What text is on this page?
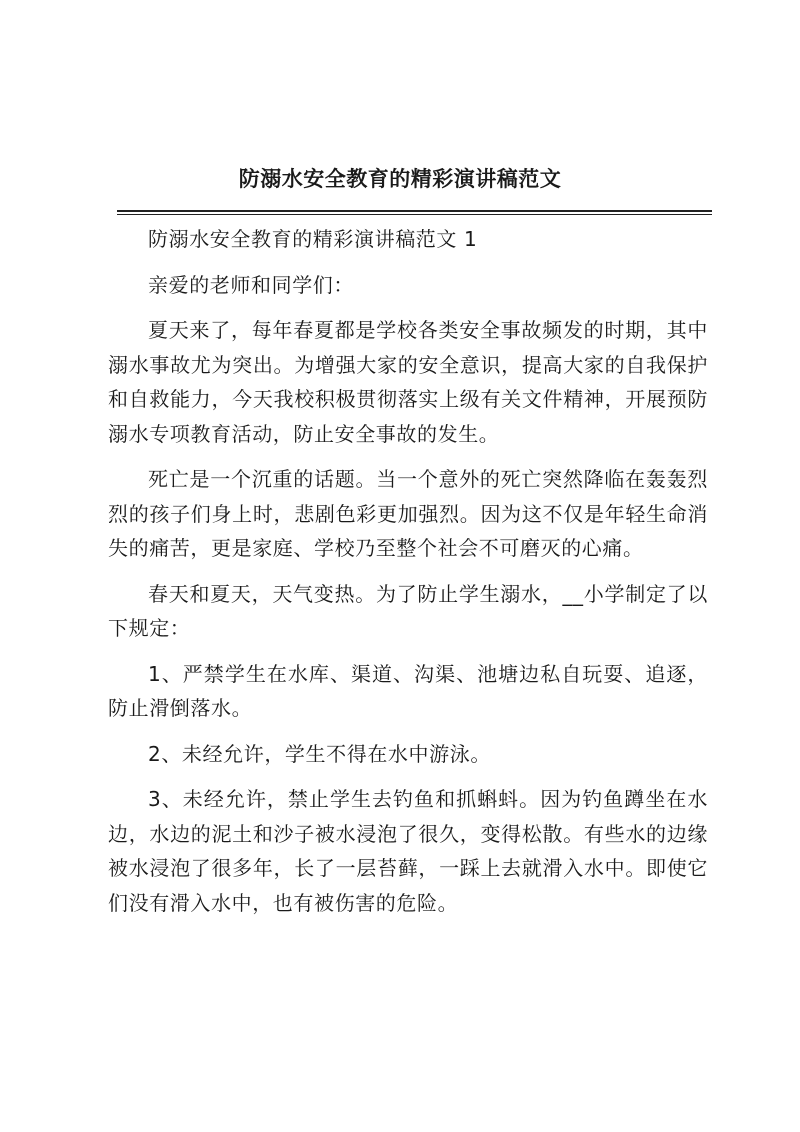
防溺水安全教育的精彩演讲稿范文

防溺水安全教育的精彩演讲稿范文 1

亲爱的老师和同学们：

夏天来了，每年春夏都是学校各类安全事故频发的时期，其中溺水事故尤为突出。为增强大家的安全意识，提高大家的自我保护和自救能力，今天我校积极贯彻落实上级有关文件精神，开展预防溺水专项教育活动，防止安全事故的发生。

死亡是一个沉重的话题。当一个意外的死亡突然降临在轰轰烈烈的孩子们身上时，悲剧色彩更加强烈。因为这不仅是年轻生命消失的痛苦，更是家庭、学校乃至整个社会不可磨灭的心痛。

春天和夏天，天气变热。为了防止学生溺水，__小学制定了以下规定：

1、严禁学生在水库、渠道、沟渠、池塘边私自玩耍、追逐，防止滑倒落水。

2、未经允许，学生不得在水中游泳。

3、未经允许，禁止学生去钓鱼和抓蝌蚪。因为钓鱼蹲坐在水边，水边的泥土和沙子被水浸泡了很久，变得松散。有些水的边缘被水浸泡了很多年，长了一层苔藓，一踩上去就滑入水中。即使它们没有滑入水中，也有被伤害的危险。
